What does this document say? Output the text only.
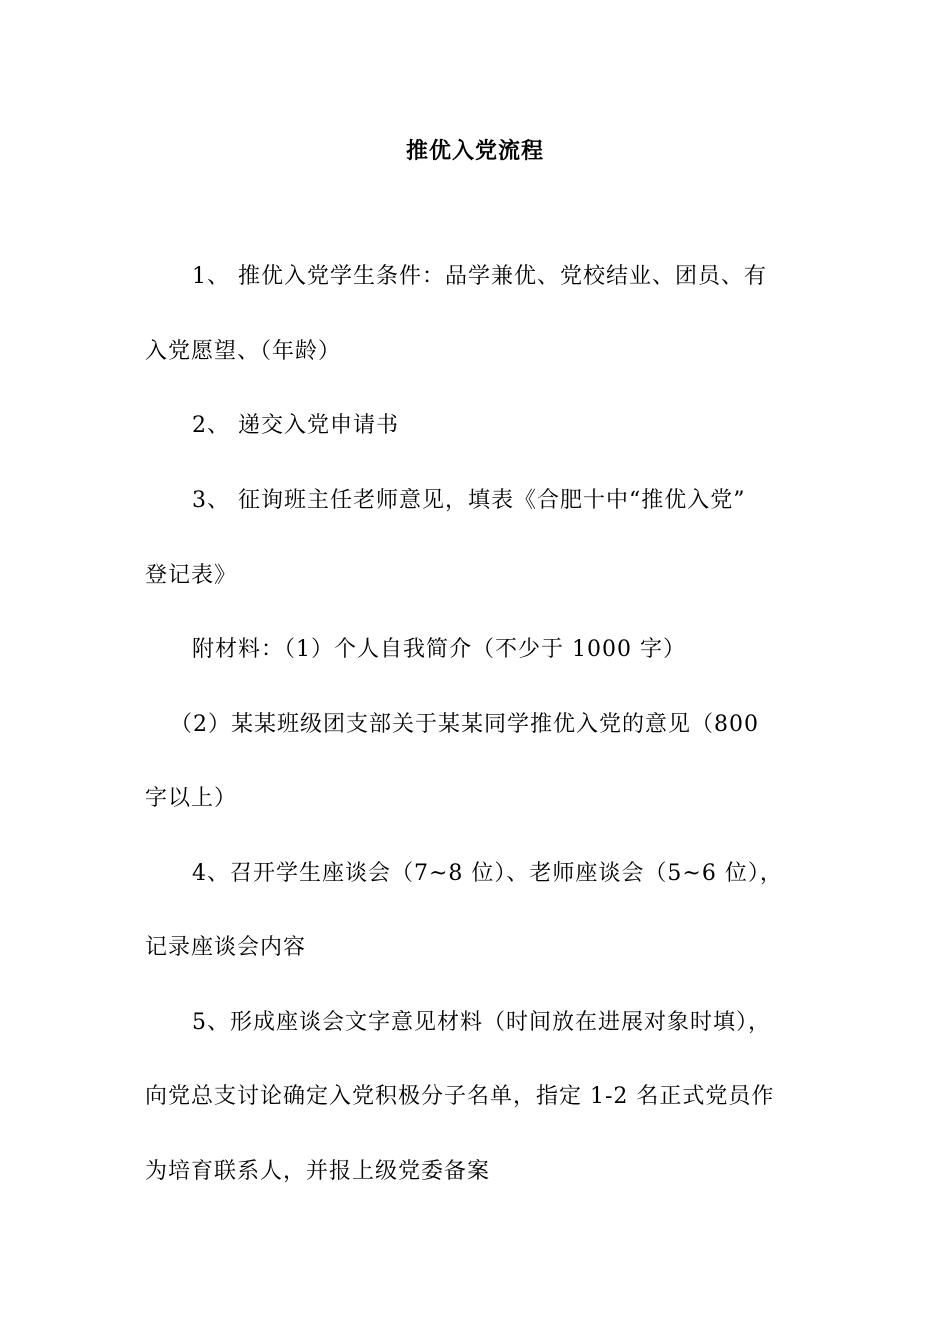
推优入党流程
1、 推优入党学生条件：品学兼优、党校结业、团员、有
入党愿望、（年龄）
2、 递交入党申请书
3、 征询班主任老师意见，填表《合肥十中“推优入党”
登记表》
附材料：（1）个人自我简介（不少于 1000 字）
（2）某某班级团支部关于某某同学推优入党的意见（800
字以上）
4、召开学生座谈会（7~8 位）、老师座谈会（5~6 位），
记录座谈会内容
5、形成座谈会文字意见材料（时间放在进展对象时填），
向党总支讨论确定入党积极分子名单，指定 1-2 名正式党员作
为培育联系人，并报上级党委备案
